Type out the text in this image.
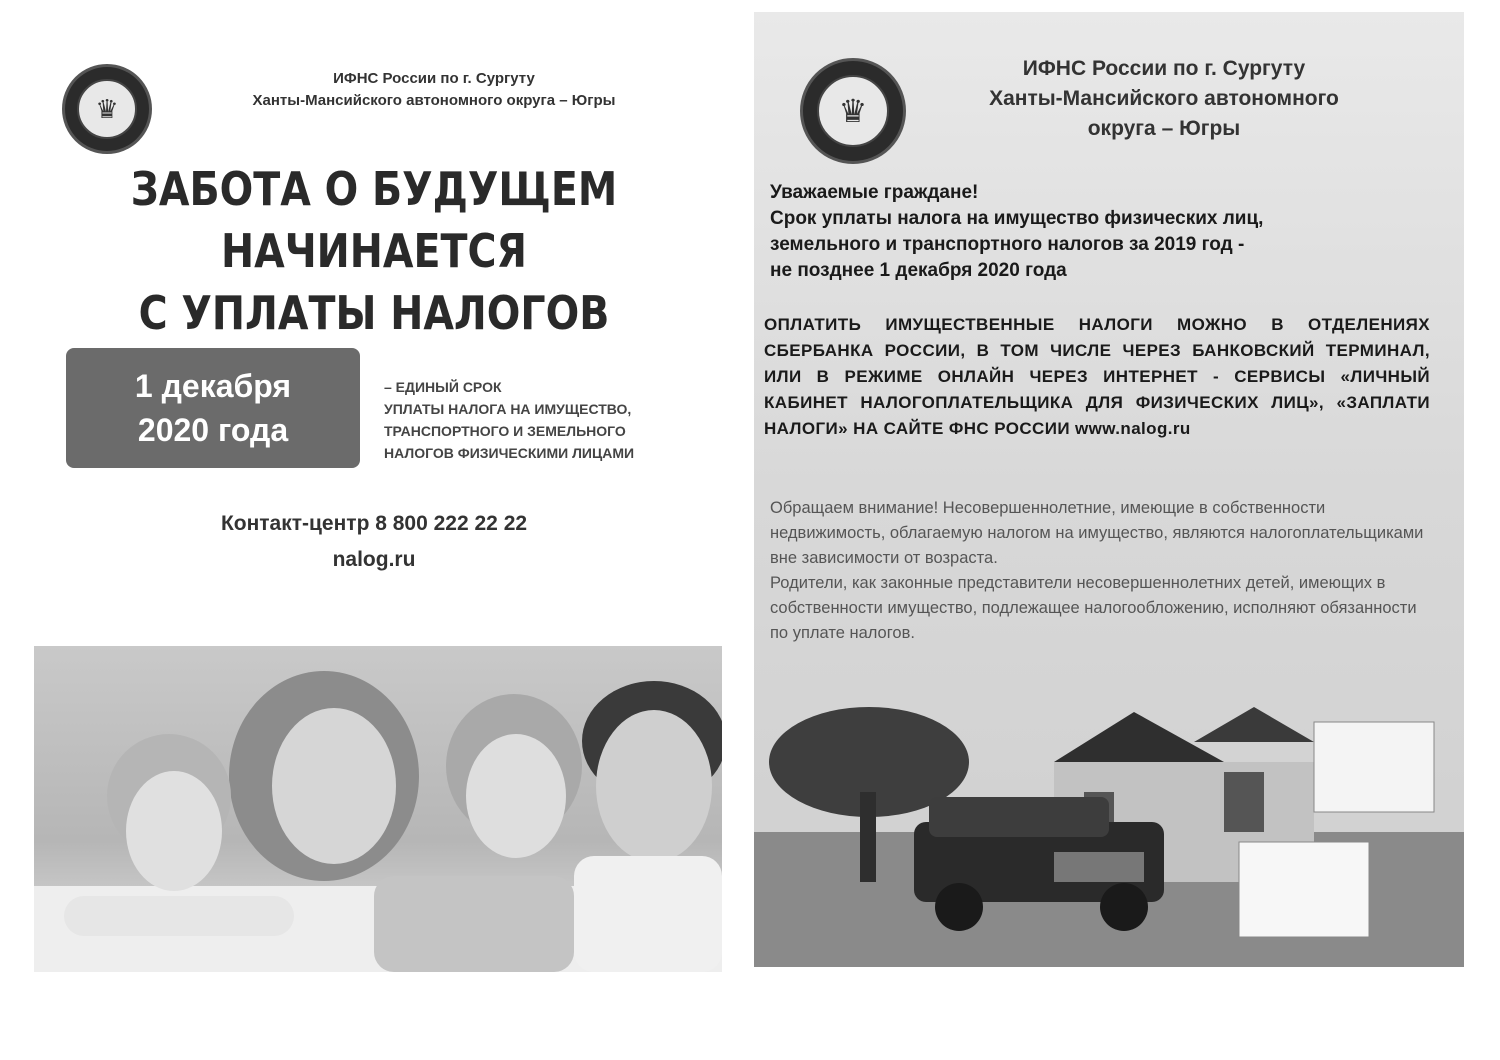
♛
ИФНС России по г. Сургуту
Ханты-Мансийского автономного округа – Югры
ЗАБОТА О БУДУЩЕМ
НАЧИНАЕТСЯ
С УПЛАТЫ НАЛОГОВ
1 декабря
2020 года
– ЕДИНЫЙ СРОК
УПЛАТЫ НАЛОГА НА ИМУЩЕСТВО,
ТРАНСПОРТНОГО И ЗЕМЕЛЬНОГО
НАЛОГОВ ФИЗИЧЕСКИМИ ЛИЦАМИ
Контакт-центр 8 800 222 22 22
nalog.ru
♛
ИФНС России по г. Сургуту
Ханты-Мансийского автономного
округа – Югры
Уважаемые граждане!
Срок уплаты налога на имущество физических лиц,
земельного и транспортного налогов за 2019 год -
не позднее 1 декабря 2020 года
ОПЛАТИТЬ ИМУЩЕСТВЕННЫЕ НАЛОГИ МОЖНО В ОТДЕЛЕНИЯХ СБЕРБАНКА РОССИИ, В ТОМ ЧИСЛЕ ЧЕРЕЗ БАНКОВСКИЙ ТЕРМИНАЛ, ИЛИ В РЕЖИМЕ ОНЛАЙН ЧЕРЕЗ ИНТЕРНЕТ - СЕРВИСЫ «ЛИЧНЫЙ КАБИНЕТ НАЛОГОПЛАТЕЛЬЩИКА ДЛЯ ФИЗИЧЕСКИХ ЛИЦ», «ЗАПЛАТИ НАЛОГИ» НА САЙТЕ ФНС РОССИИ www.nalog.ru

Обращаем внимание! Несовершеннолетние, имеющие в собственности недвижимость, облагаемую налогом на имущество, являются налогоплательщиками вне зависимости от возраста.

Родители, как законные представители несовершеннолетних детей, имеющих в собственности имущество, подлежащее налогообложению, исполняют обязанности по уплате налогов.
